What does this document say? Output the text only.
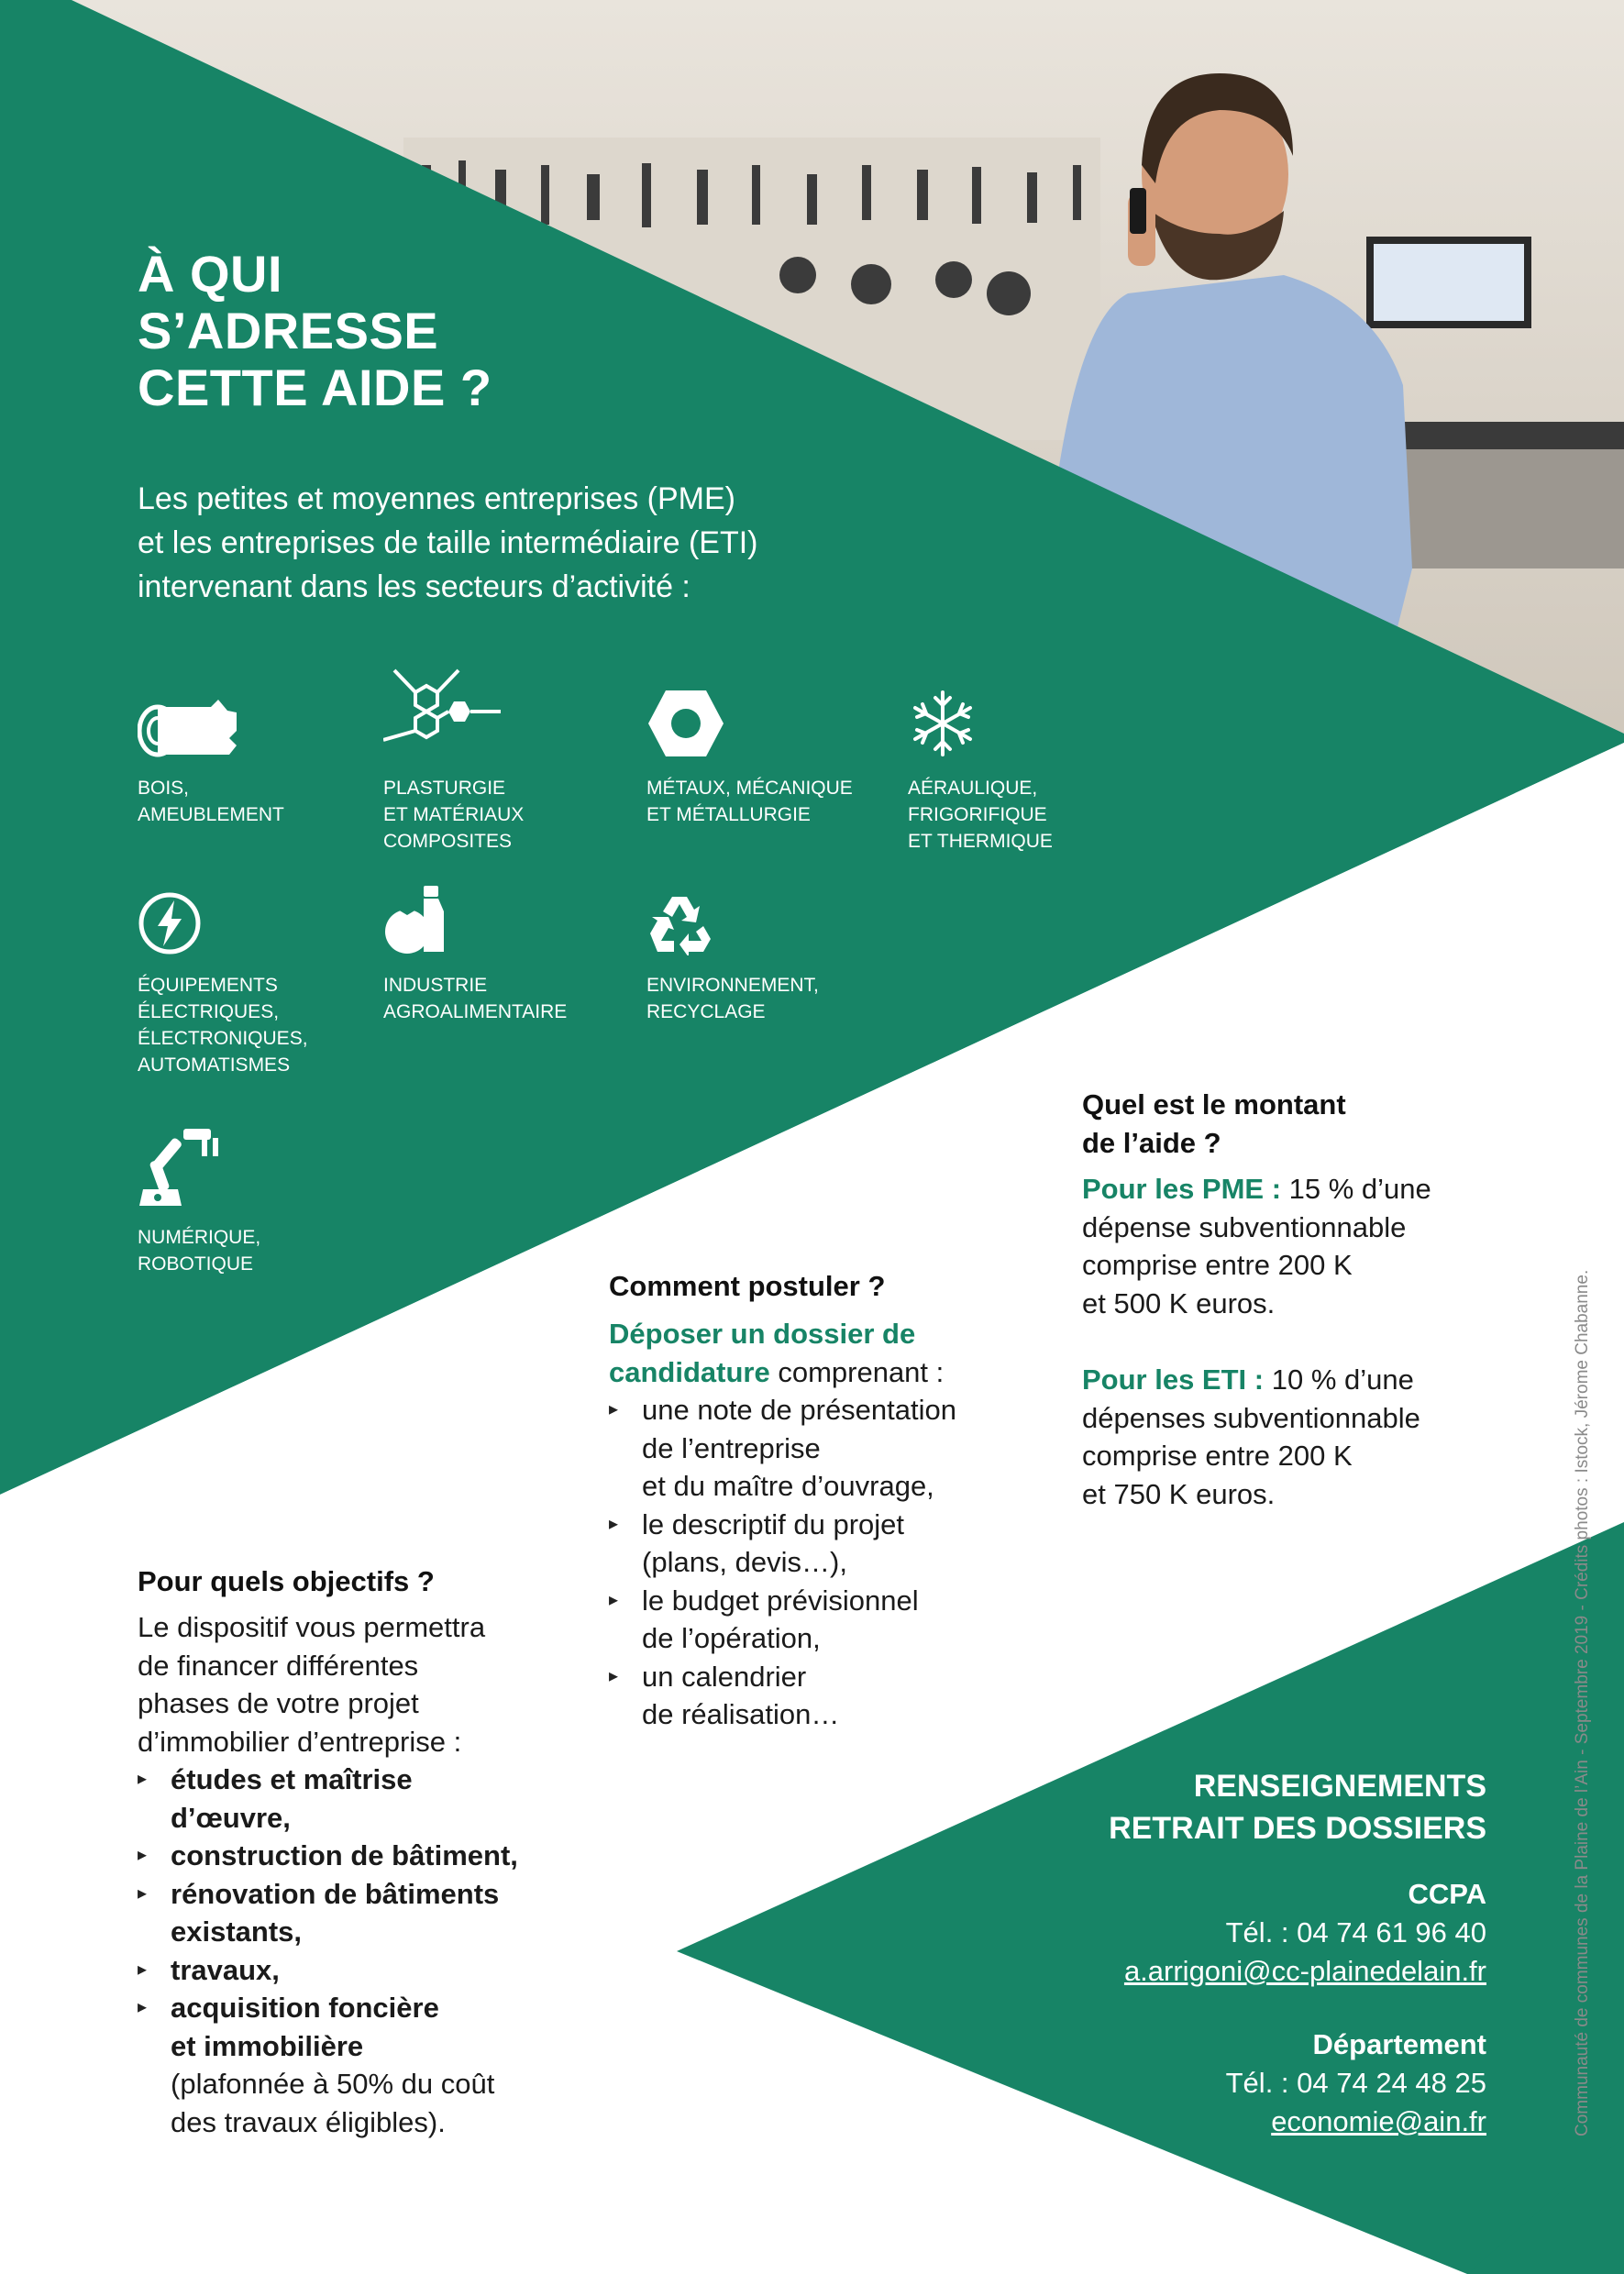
À QUI
S’ADRESSE
CETTE AIDE ?
Les petites et moyennes entreprises (PME)
et les entreprises de taille intermédiaire (ETI)
intervenant dans les secteurs d’activité :
BOIS,
AMEUBLEMENT
PLASTURGIE
ET MATÉRIAUX
COMPOSITES
MÉTAUX, MÉCANIQUE
ET MÉTALLURGIE
AÉRAULIQUE,
FRIGORIFIQUE
ET THERMIQUE
ÉQUIPEMENTS
ÉLECTRIQUES,
ÉLECTRONIQUES,
AUTOMATISMES
INDUSTRIE
AGROALIMENTAIRE
ENVIRONNEMENT,
RECYCLAGE
NUMÉRIQUE,
ROBOTIQUE
Quel est le montant
de l’aide ?

Pour les PME : 15 % d’une
dépense subventionnable
comprise entre 200 K
et 500 K euros.

Pour les ETI : 10 % d’une
dépenses subventionnable
comprise entre 200 K
et 750 K euros.

Comment postuler ?

Déposer un dossier de
candidature comprenant :

▸ une note de présentation
de l’entreprise
et du maître d’ouvrage,
▸ le descriptif du projet
(plans, devis…),
▸ le budget prévisionnel
de l’opération,
▸ un calendrier
de réalisation…
Pour quels objectifs ?

Le dispositif vous permettra
de financer différentes
phases de votre projet
d’immobilier d’entreprise :

▸ études et maîtrise
d’œuvre,
▸ construction de bâtiment,
▸ rénovation de bâtiments
existants,
▸ travaux,
▸ acquisition foncière
et immobilière
(plafonnée à 50% du coût
des travaux éligibles).
RENSEIGNEMENTS
RETRAIT DES DOSSIERS
CCPA
Tél. : 04 74 61 96 40
a.arrigoni@cc-plainedelain.fr
Département
Tél. : 04 74 24 48 25
economie@ain.fr	Communauté de communes de la Plaine de l’Ain - Septembre 2019 - Crédits photos : Istock, Jérome Chabanne.
